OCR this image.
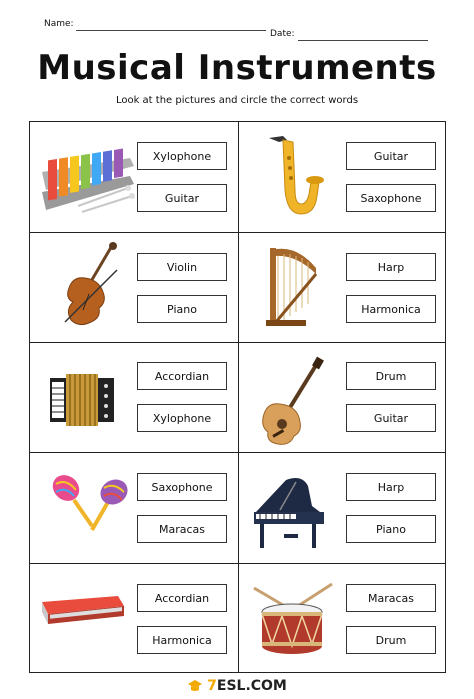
Name:
Date:
Musical Instruments
Look at the pictures and circle the correct words
Xylophone
Guitar
Guitar
Saxophone
Violin
Piano
Harp
Harmonica
Accordian
Xylophone
Drum
Guitar
Saxophone
Maracas
Harp
Piano
Accordian
Harmonica
Maracas
Drum
7ESL.COM
